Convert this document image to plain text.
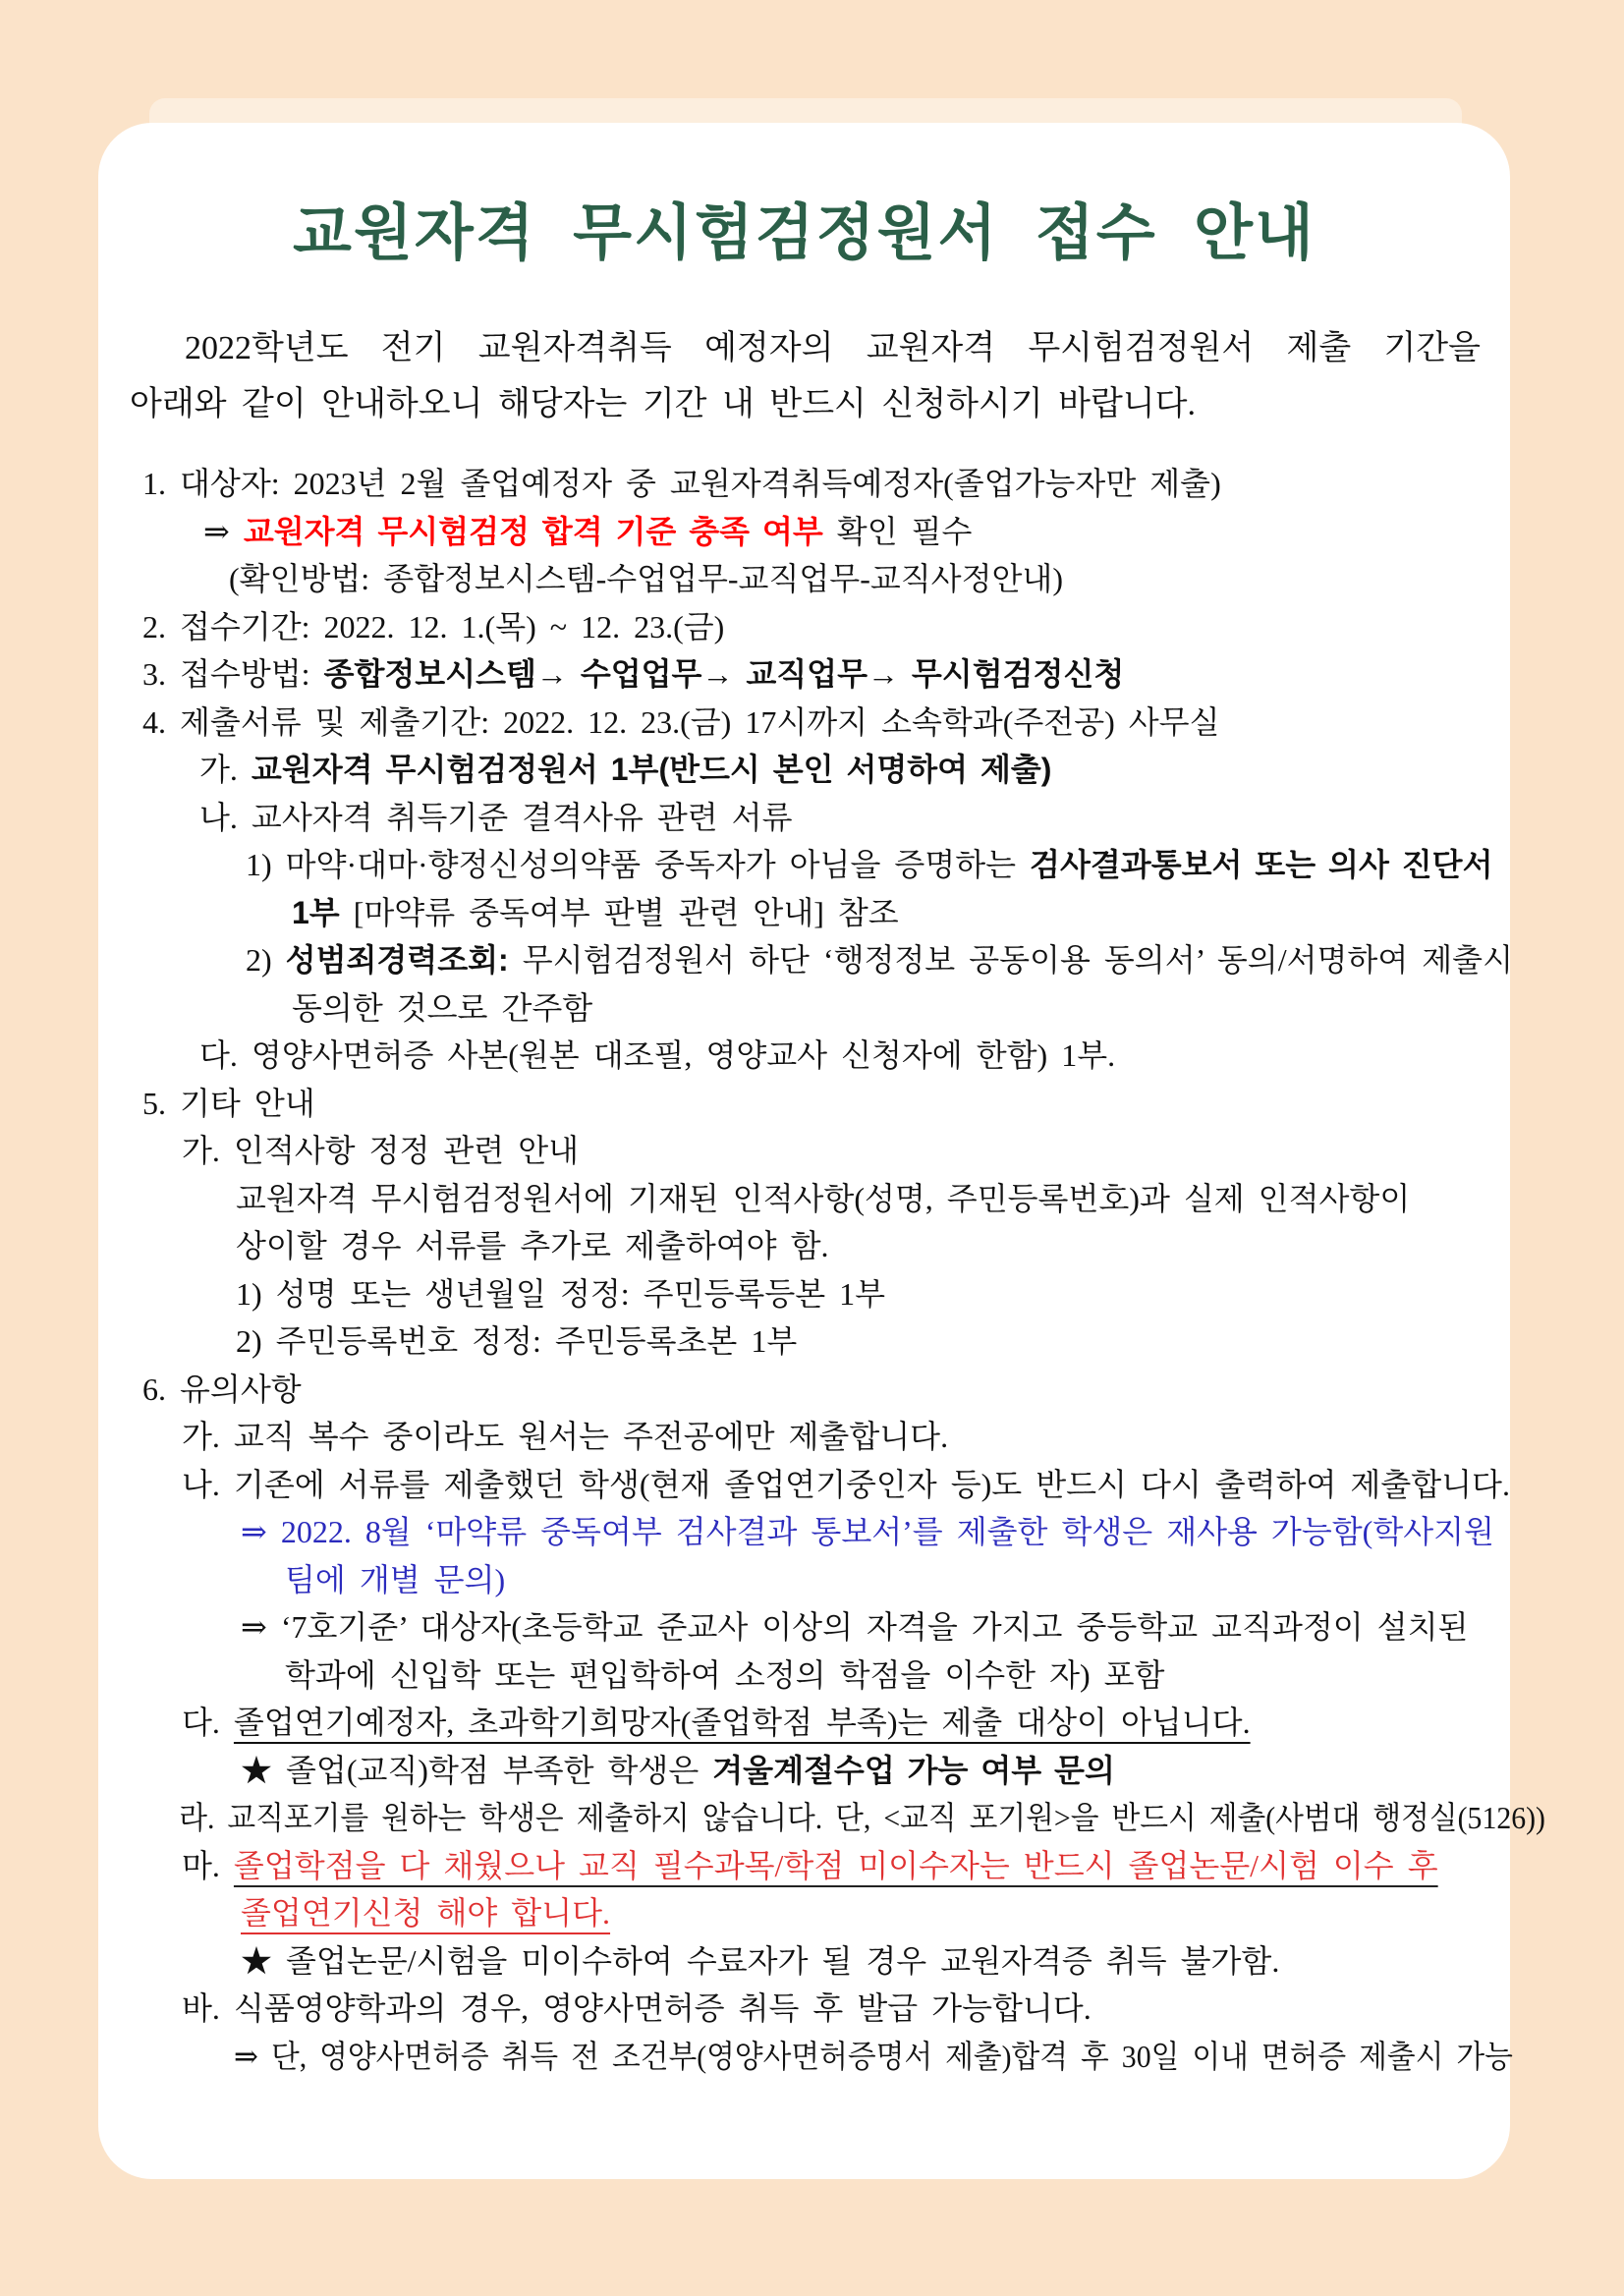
교원자격 무시험검정원서 접수 안내
2022학년도 전기 교원자격취득 예정자의 교원자격 무시험검정원서 제출 기간을
아래와 같이 안내하오니 해당자는 기간 내 반드시 신청하시기 바랍니다.
1. 대상자: 2023년 2월 졸업예정자 중 교원자격취득예정자(졸업가능자만 제출)
⇒ 교원자격 무시험검정 합격 기준 충족 여부 확인 필수
(확인방법: 종합정보시스템-수업업무-교직업무-교직사정안내)
2. 접수기간: 2022. 12. 1.(목) ~ 12. 23.(금)
3. 접수방법: 종합정보시스템→ 수업업무→ 교직업무→ 무시험검정신청
4. 제출서류 및 제출기간: 2022. 12. 23.(금) 17시까지 소속학과(주전공) 사무실
가. 교원자격 무시험검정원서 1부(반드시 본인 서명하여 제출)
나. 교사자격 취득기준 결격사유 관련 서류
1) 마약·대마·향정신성의약품 중독자가 아님을 증명하는 검사결과통보서 또는 의사 진단서
1부 [마약류 중독여부 판별 관련 안내] 참조
2) 성범죄경력조회: 무시험검정원서 하단 ‘행정정보 공동이용 동의서’ 동의/서명하여 제출시
동의한 것으로 간주함
다. 영양사면허증 사본(원본 대조필, 영양교사 신청자에 한함) 1부.
5. 기타 안내
가. 인적사항 정정 관련 안내
교원자격 무시험검정원서에 기재된 인적사항(성명, 주민등록번호)과 실제 인적사항이
상이할 경우 서류를 추가로 제출하여야 함.
1) 성명 또는 생년월일 정정: 주민등록등본 1부
2) 주민등록번호 정정: 주민등록초본 1부
6. 유의사항
가. 교직 복수 중이라도 원서는 주전공에만 제출합니다.
나. 기존에 서류를 제출했던 학생(현재 졸업연기중인자 등)도 반드시 다시 출력하여 제출합니다.
⇒ 2022. 8월 ‘마약류 중독여부 검사결과 통보서’를 제출한 학생은 재사용 가능함(학사지원
팀에 개별 문의)
⇒ ‘7호기준’ 대상자(초등학교 준교사 이상의 자격을 가지고 중등학교 교직과정이 설치된
학과에 신입학 또는 편입학하여 소정의 학점을 이수한 자) 포함
다. 졸업연기예정자, 초과학기희망자(졸업학점 부족)는 제출 대상이 아닙니다.
★ 졸업(교직)학점 부족한 학생은 겨울계절수업 가능 여부 문의
라. 교직포기를 원하는 학생은 제출하지 않습니다. 단, <교직 포기원>을 반드시 제출(사범대 행정실(5126))
마. 졸업학점을 다 채웠으나 교직 필수과목/학점 미이수자는 반드시 졸업논문/시험 이수 후
졸업연기신청 해야 합니다.
★ 졸업논문/시험을 미이수하여 수료자가 될 경우 교원자격증 취득 불가함.
바. 식품영양학과의 경우, 영양사면허증 취득 후 발급 가능합니다.
⇒ 단, 영양사면허증 취득 전 조건부(영양사면허증명서 제출)합격 후 30일 이내 면허증 제출시 가능
